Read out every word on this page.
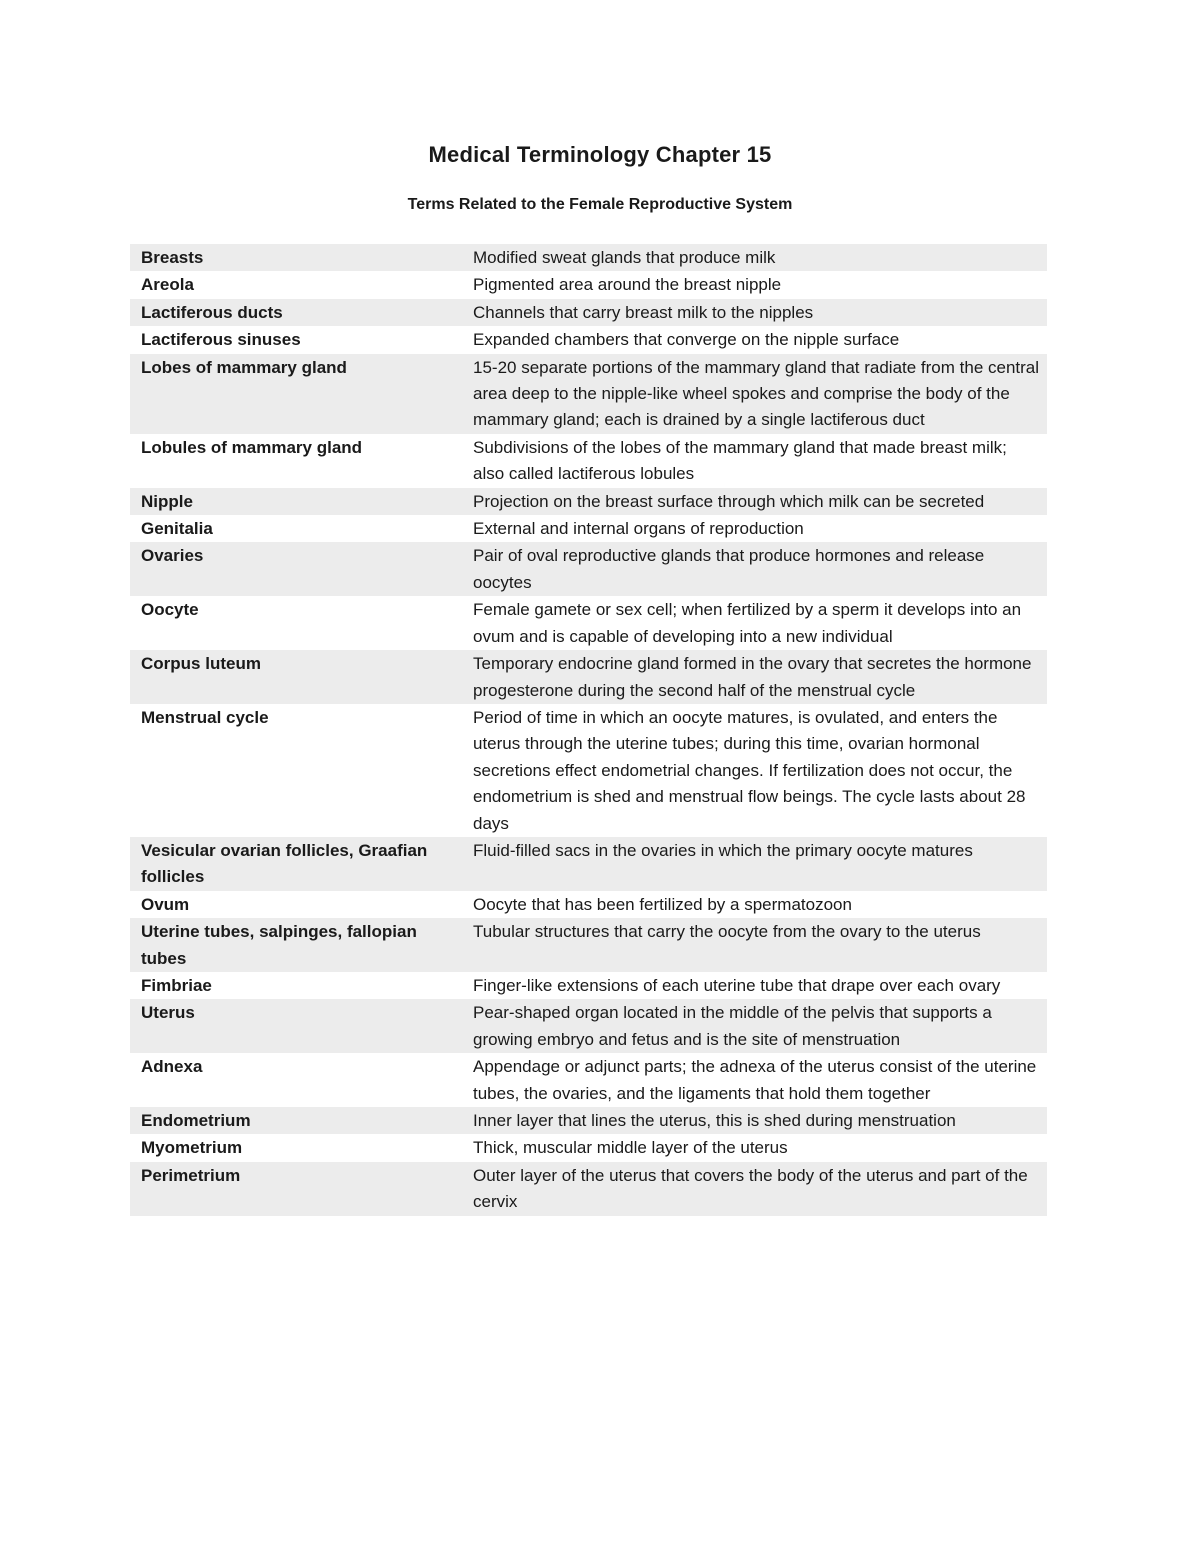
Medical Terminology Chapter 15
Terms Related to the Female Reproductive System
Breasts	Modified sweat glands that produce milk
Areola	Pigmented area around the breast nipple
Lactiferous ducts	Channels that carry breast milk to the nipples
Lactiferous sinuses	Expanded chambers that converge on the nipple surface
Lobes of mammary gland	15-20 separate portions of the mammary gland that radiate from the central area deep to the nipple-like wheel spokes and comprise the body of the mammary gland; each is drained by a single lactiferous duct
Lobules of mammary gland	Subdivisions of the lobes of the mammary gland that made breast milk; also called lactiferous lobules
Nipple	Projection on the breast surface through which milk can be secreted
Genitalia	External and internal organs of reproduction
Ovaries	Pair of oval reproductive glands that produce hormones and release oocytes
Oocyte	Female gamete or sex cell; when fertilized by a sperm it develops into an ovum and is capable of developing into a new individual
Corpus luteum	Temporary endocrine gland formed in the ovary that secretes the hormone progesterone during the second half of the menstrual cycle
Menstrual cycle	Period of time in which an oocyte matures, is ovulated, and enters the uterus through the uterine tubes; during this time, ovarian hormonal secretions effect endometrial changes. If fertilization does not occur, the endometrium is shed and menstrual flow beings. The cycle lasts about 28 days
Vesicular ovarian follicles, Graafian follicles	Fluid-filled sacs in the ovaries in which the primary oocyte matures
Ovum	Oocyte that has been fertilized by a spermatozoon
Uterine tubes, salpinges, fallopian tubes	Tubular structures that carry the oocyte from the ovary to the uterus
Fimbriae	Finger-like extensions of each uterine tube that drape over each ovary
Uterus	Pear-shaped organ located in the middle of the pelvis that supports a growing embryo and fetus and is the site of menstruation
Adnexa	Appendage or adjunct parts; the adnexa of the uterus consist of the uterine tubes, the ovaries, and the ligaments that hold them together
Endometrium	Inner layer that lines the uterus, this is shed during menstruation
Myometrium	Thick, muscular middle layer of the uterus
Perimetrium	Outer layer of the uterus that covers the body of the uterus and part of the cervix
